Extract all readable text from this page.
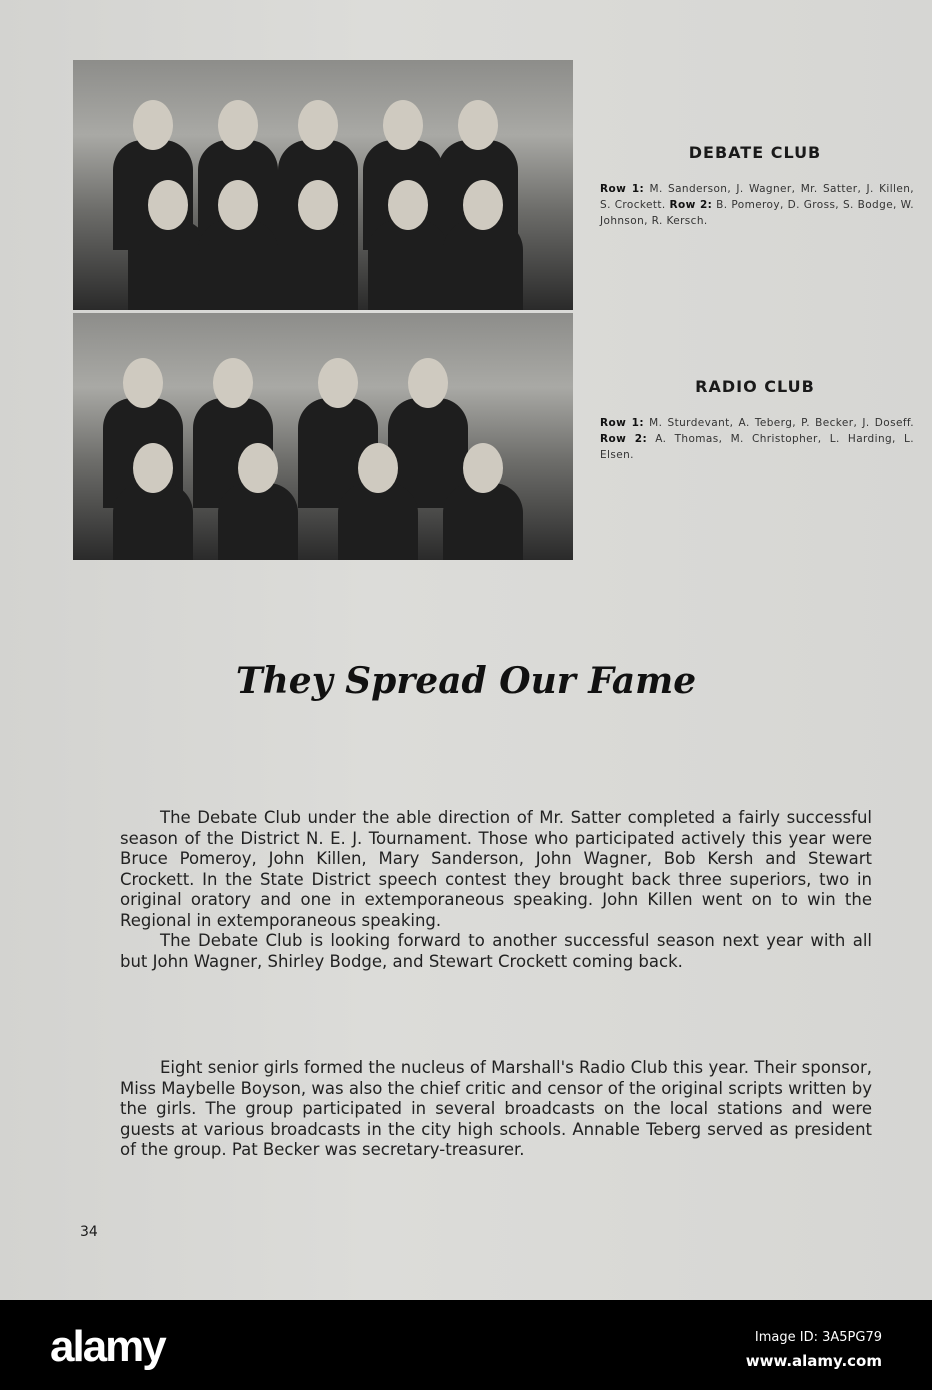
DEBATE CLUB
Row 1: M. Sanderson, J. Wagner, Mr. Satter, J. Killen, S. Crockett. Row 2: B. Pomeroy, D. Gross, S. Bodge, W. Johnson, R. Kersch.
RADIO CLUB
Row 1: M. Sturdevant, A. Teberg, P. Becker, J. Doseff. Row 2: A. Thomas, M. Christopher, L. Harding, L. Elsen.
They Spread Our Fame

The Debate Club under the able direction of Mr. Satter completed a fairly successful season of the District N. E. J. Tournament. Those who participated actively this year were Bruce Pomeroy, John Killen, Mary Sanderson, John Wagner, Bob Kersh and Stewart Crockett. In the State District speech contest they brought back three superiors, two in original oratory and one in extemporaneous speaking. John Killen went on to win the Regional in extemporaneous speaking.

The Debate Club is looking forward to another successful season next year with all but John Wagner, Shirley Bodge, and Stewart Crockett coming back.

Eight senior girls formed the nucleus of Marshall's Radio Club this year. Their sponsor, Miss Maybelle Boyson, was also the chief critic and censor of the original scripts written by the girls. The group participated in several broadcasts on the local stations and were guests at various broadcasts in the city high schools. Annable Teberg served as president of the group. Pat Becker was secretary-treasurer.

34
alamy	Image ID: 3A5PG79
www.alamy.com
